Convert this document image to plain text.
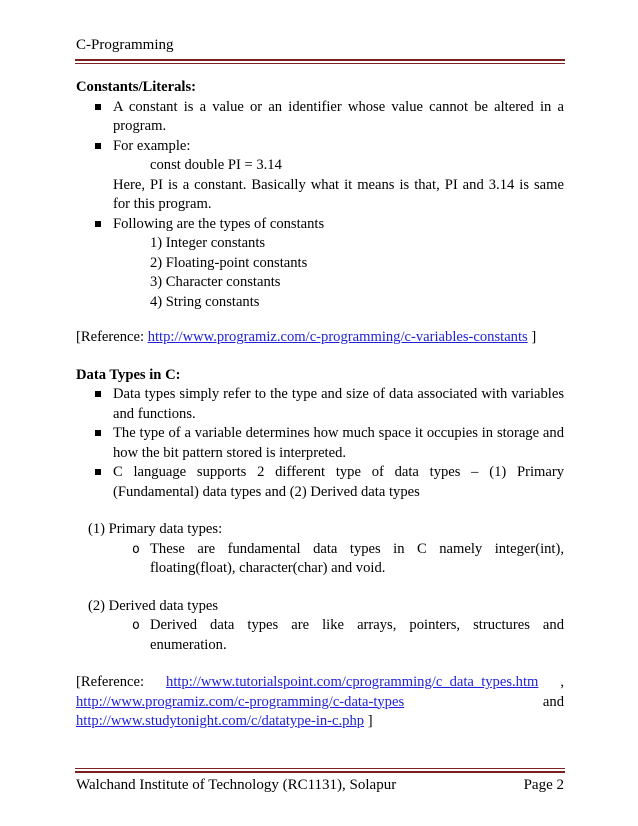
C-Programming
Constants/Literals:
A constant is a value or an identifier whose value cannot be altered in a program.
For example:
const double PI = 3.14
Here, PI is a constant. Basically what it means is that, PI and 3.14 is same for this program.
Following are the types of constants
1) Integer constants
2) Floating-point constants
3) Character constants
4) String constants
[Reference: http://www.programiz.com/c-programming/c-variables-constants ]
Data Types in C:
Data types simply refer to the type and size of data associated with variables and functions.
The type of a variable determines how much space it occupies in storage and how the bit pattern stored is interpreted.
C language supports 2 different type of data types – (1) Primary (Fundamental) data types and (2) Derived data types
(1) Primary data types:
o These are fundamental data types in C namely integer(int), floating(float), character(char) and void.
(2) Derived data types
o Derived data types are like arrays, pointers, structures and enumeration.
[Reference: http://www.tutorialspoint.com/cprogramming/c_data_types.htm ,
http://www.programiz.com/c-programming/c-data-types	and
http://www.studytonight.com/c/datatype-in-c.php ]
Walchand Institute of Technology (RC1131), Solapur	Page 2
